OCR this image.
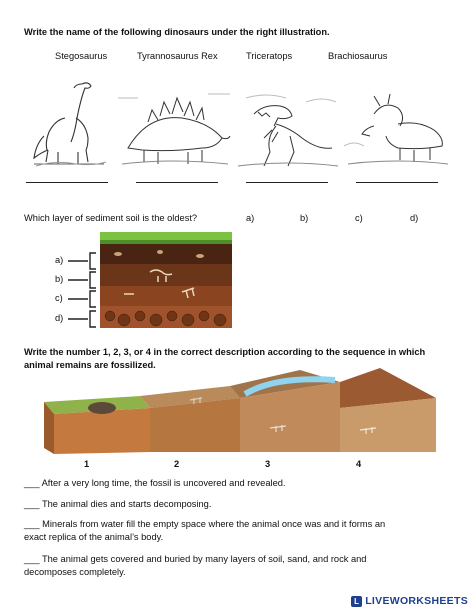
Write the name of the following dinosaurs under the right illustration.
Stegosaurus	Tyrannosaurus Rex	Triceratops	Brachiosaurus
Which layer of sediment soil is the oldest?	a)	b)	c)	d)
a)
b)
c)
d)
Write the number 1, 2, 3, or 4 in the correct description according to the sequence in which
animal remains are fossilized.
1	2	3	4
___ After a very long time, the fossil is uncovered and revealed.
___ The animal dies and starts decomposing.
___ Minerals from water fill the empty space where the animal once was and it forms an
exact replica of the animal’s body.
___ The animal gets covered and buried by many layers of soil, sand, and rock and
decomposes completely.
L LIVEWORKSHEETS
